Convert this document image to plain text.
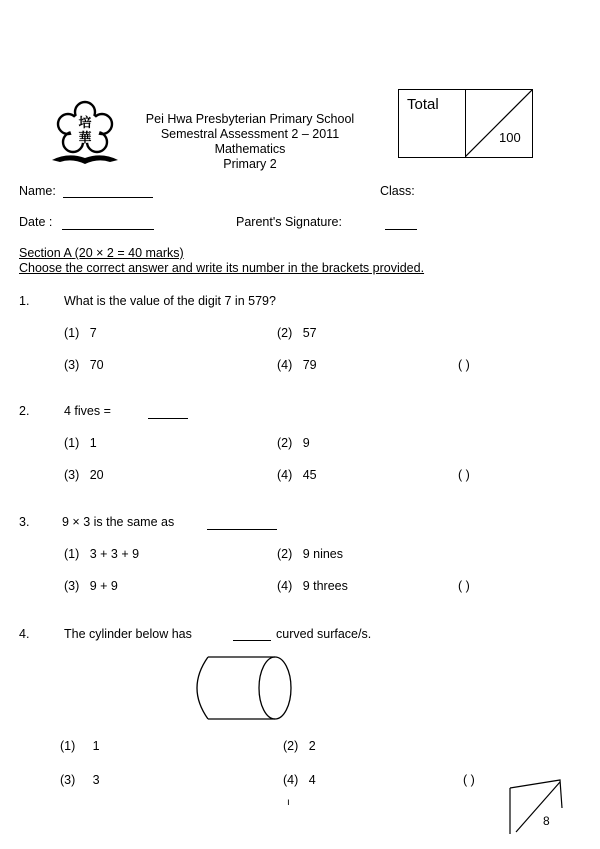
培
華
Pei Hwa Presbyterian Primary School
Semestral Assessment 2 – 2011
Mathematics
Primary 2
Total
100
Name:	Class:
Date :	Parent's Signature:
Section A (20 × 2 = 40 marks)
Choose the correct answer and write its number in the brackets provided.
1.	What is the value of the digit 7 in 579?
(1) 7	(2) 57
(3) 70	(4) 79	( )
2.	4 fives =
(1) 1	(2) 9
(3) 20	(4) 45	( )
3.	9 × 3 is the same as
(1) 3 + 3 + 9	(2) 9 nines
(3) 9 + 9	(4) 9 threes	( )
4.	The cylinder below has	curved surface/s.
(1) 1	(2) 2
(3) 3	(4) 4	( )
8
ı
